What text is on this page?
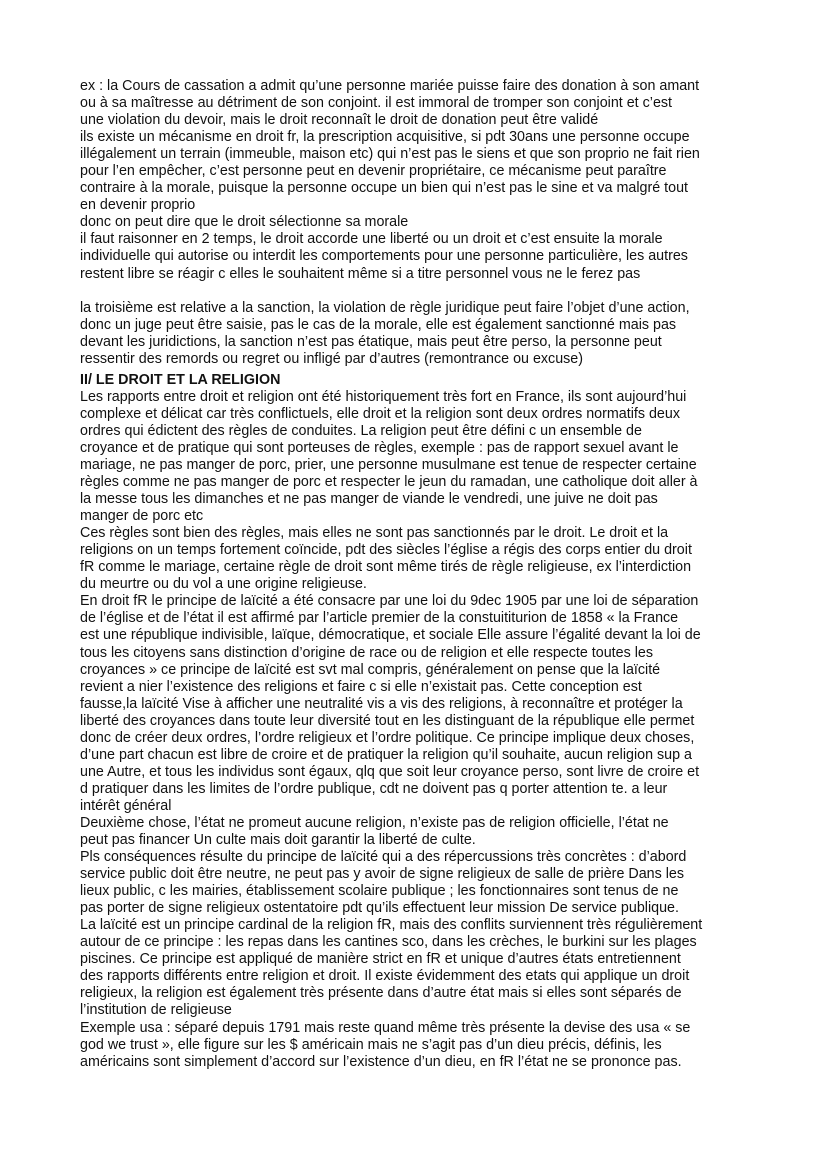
ex : la Cours de cassation a admit qu’une personne mariée puisse faire des donation à son amant
ou à sa maîtresse au détriment de son conjoint. il est immoral de tromper son conjoint et c’est
une violation du devoir, mais le droit reconnaît le droit de donation peut être validé
ils existe un mécanisme en droit fr, la prescription acquisitive, si pdt 30ans une personne occupe
illégalement un terrain (immeuble, maison etc) qui n’est pas le siens et que son proprio ne fait rien
pour l’en empêcher, c’est personne peut en devenir propriétaire, ce mécanisme peut paraître
contraire à la morale, puisque la personne occupe un bien qui n’est pas le sine et va malgré tout
en devenir proprio
donc on peut dire que le droit sélectionne sa morale
il faut raisonner en 2 temps, le droit accorde une liberté ou un droit et c’est ensuite la morale
individuelle qui autorise ou interdit les comportements pour une personne particulière, les autres
restent libre se réagir c elles le souhaitent même si a titre personnel vous ne le ferez pas
la troisième est relative a la sanction, la violation de règle juridique peut faire l’objet d’une action,
donc un juge peut être saisie, pas le cas de la morale, elle est également sanctionné mais pas
devant les juridictions, la sanction n’est pas étatique, mais peut être perso, la personne peut
ressentir des remords ou regret ou infligé par d’autres (remontrance ou excuse)
II/ LE DROIT ET LA RELIGION
Les rapports entre droit et religion ont été historiquement très fort en France, ils sont aujourd’hui
complexe et délicat car très conflictuels, elle droit et la religion sont deux ordres normatifs deux
ordres qui édictent des règles de conduites. La religion peut être défini c un ensemble de
croyance et de pratique qui sont porteuses de règles, exemple : pas de rapport sexuel avant le
mariage, ne pas manger de porc, prier, une personne musulmane est tenue de respecter certaine
règles comme ne pas manger de porc et respecter le jeun du ramadan, une catholique doit aller à
la messe tous les dimanches et ne pas manger de viande le vendredi, une juive ne doit pas
manger de porc etc
Ces règles sont bien des règles, mais elles ne sont pas sanctionnés par le droit. Le droit et la
religions on un temps fortement coïncide, pdt des siècles l’église a régis des corps entier du droit
fR comme le mariage, certaine règle de droit sont même tirés de règle religieuse, ex l’interdiction
du meurtre ou du vol a une origine religieuse.
En droit fR le principe de laïcité a été consacre par une loi du 9dec 1905 par une loi de séparation
de l’église et de l’état il est affirmé par l’article premier de la constuititurion de 1858 « la France
est une république indivisible, laïque, démocratique, et sociale Elle assure l’égalité devant la loi de
tous les citoyens sans distinction d’origine de race ou de religion et elle respecte toutes les
croyances » ce principe de laïcité est svt mal compris, généralement on pense que la laïcité
revient a nier l’existence des religions et faire c si elle n’existait pas. Cette conception est
fausse,la laïcité Vise à afficher une neutralité vis a vis des religions, à reconnaître et protéger la
liberté des croyances dans toute leur diversité tout en les distinguant de la république elle permet
donc de créer deux ordres, l’ordre religieux et l’ordre politique. Ce principe implique deux choses,
d’une part chacun est libre de croire et de pratiquer la religion qu’il souhaite, aucun religion sup a
une Autre, et tous les individus sont égaux, qlq que soit leur croyance perso, sont livre de croire et
d pratiquer dans les limites de l’ordre publique, cdt ne doivent pas q porter attention te. a leur
intérêt général
Deuxième chose, l’état ne promeut aucune religion, n’existe pas de religion officielle, l’état ne
peut pas financer Un culte mais doit garantir la liberté de culte.
Pls conséquences résulte du principe de laïcité qui a des répercussions très concrètes : d’abord
service public doit être neutre, ne peut pas y avoir de signe religieux de salle de prière Dans les
lieux public, c les mairies, établissement scolaire publique ; les fonctionnaires sont tenus de ne
pas porter de signe religieux ostentatoire pdt qu’ils effectuent leur mission De service publique.
La laïcité est un principe cardinal de la religion fR, mais des conflits surviennent très régulièrement
autour de ce principe : les repas dans les cantines sco, dans les crèches, le burkini sur les plages
piscines. Ce principe est appliqué de manière strict en fR et unique d’autres états entretiennent
des rapports différents entre religion et droit. Il existe évidemment des etats qui applique un droit
religieux, la religion est également très présente dans d’autre état mais si elles sont séparés de
l’institution de religieuse
Exemple usa : séparé depuis 1791 mais reste quand même très présente la devise des usa « se
god we trust », elle figure sur les $ américain mais ne s’agit pas d’un dieu précis, définis, les
américains sont simplement d’accord sur l’existence d’un dieu, en fR l’état ne se prononce pas.
